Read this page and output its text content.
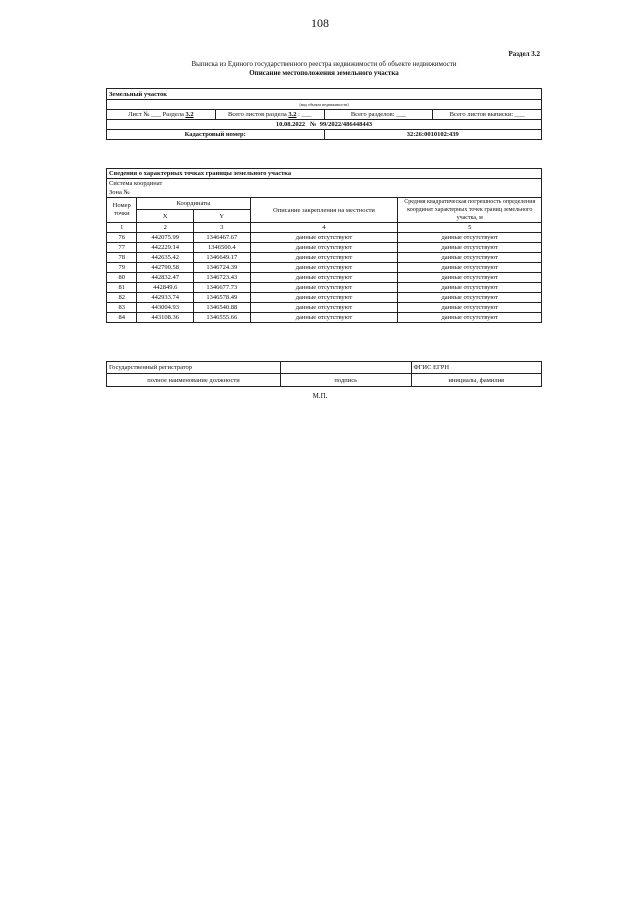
108
Раздел 3.2
Выписка из Единого государственного реестра недвижимости об объекте недвижимости
Описание местоположения земельного участка
Земельный участок			
(вид объекта недвижимости)			
Лист № ___ Раздела 3.2	Всего листов раздела 3.2 : ___	Всего разделов: ___	Всего листов выписки: ___
10.08.2022 № 99/2022/486448443			
Кадастровый номер:		32:26:0010102:439	
Сведения о характерных точках границы земельного участка				
Система координат				
Зона №				
Номер точки	Координаты		Описание закрепления на местности	Средняя квадратическая погрешность определения координат характерных точек границ земельного участка, м
	X	Y		
1	2	3	4	5
76	442075.99	1346467.67	данные отсутствуют	данные отсутствуют
77	442229.14	1346500.4	данные отсутствуют	данные отсутствуют
78	442635.42	1346649.17	данные отсутствуют	данные отсутствуют
79	442790.58	1346724.39	данные отсутствуют	данные отсутствуют
80	442832.47	1346723.43	данные отсутствуют	данные отсутствуют
81	442849.6	1346677.73	данные отсутствуют	данные отсутствуют
82	442933.74	1346578.49	данные отсутствуют	данные отсутствуют
83	443004.93	1346540.88	данные отсутствуют	данные отсутствуют
84	443108.36	1346555.66	данные отсутствуют	данные отсутствуют
Государственный регистратор		ФГИС ЕГРН
полное наименование должности	подпись	инициалы, фамилия
М.П.
